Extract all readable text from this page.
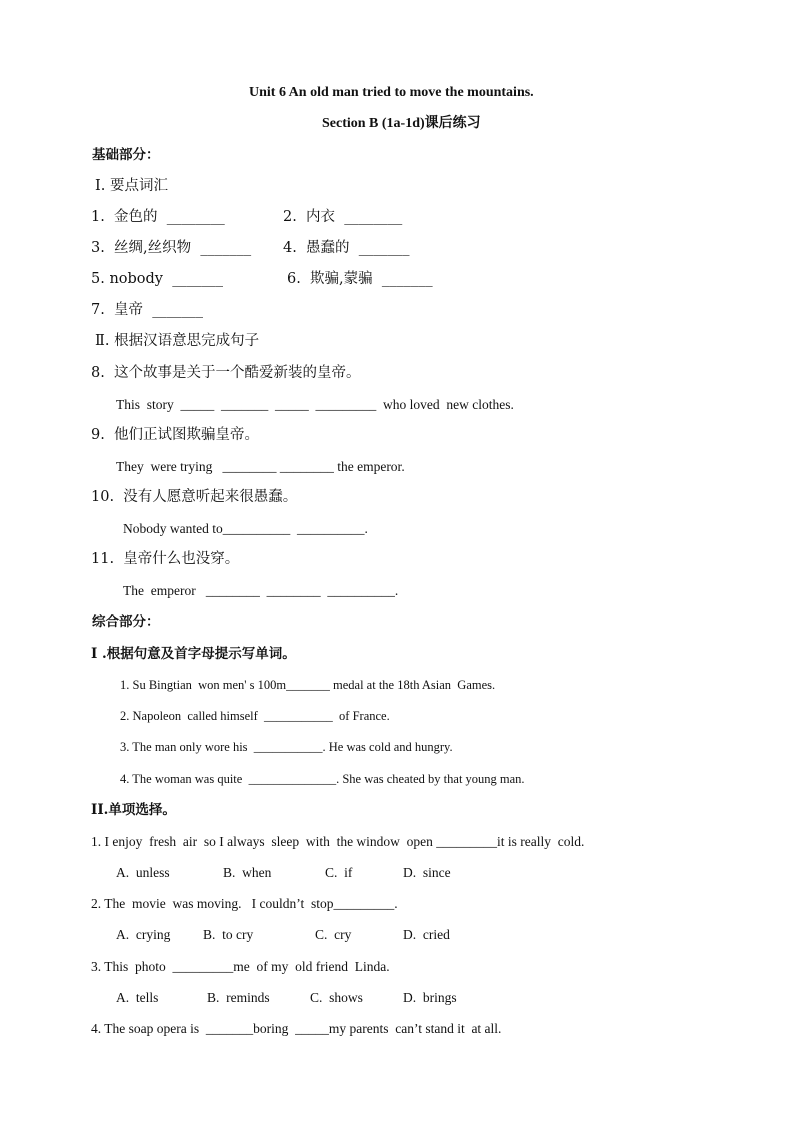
Unit 6 An old man tried to move the mountains.
Section B (1a-1d)课后练习
基础部分：
Ⅰ. 要点词汇
1.  金色的  ________	2.  内衣  ________
3.  丝绸,丝织物  _______ 4.  愚蠢的  _______
5. nobody  _______	6.  欺骗,蒙骗  _______
7.  皇帝  _______
Ⅱ. 根据汉语意思完成句子
8.  这个故事是关于一个酷爱新装的皇帝。
This  story  _____  _______  _____  _________  who loved  new clothes.
9.  他们正试图欺骗皇帝。
They  were trying   ________ ________ the emperor.
10.  没有人愿意听起来很愚蠢。
Nobody wanted to__________  __________.
11.  皇帝什么也没穿。
The  emperor   ________  ________  __________.
综合部分：
I .根据句意及首字母提示写单词。
1. Su Bingtian  won men' s 100m_______ medal at the 18th Asian  Games.
2. Napoleon  called himself  ___________  of France.
3. The man only wore his  ___________. He was cold and hungry.
4. The woman was quite  ______________. She was cheated by that young man.
II.单项选择。
1. I enjoy  fresh  air  so I always  sleep  with  the window  open _________it is really  cold.
A.  unless	B.  when	C.  if	D.  since
2. The  movie  was moving.   I couldn’t  stop_________.
A.  crying B.  to cry	C.  cry	D.  cried
3. This  photo  _________me  of my  old friend  Linda.
A.  tells	B.  reminds	C.  shows	D.  brings
4. The soap opera is  _______boring  _____my parents  can’t stand it  at all.
